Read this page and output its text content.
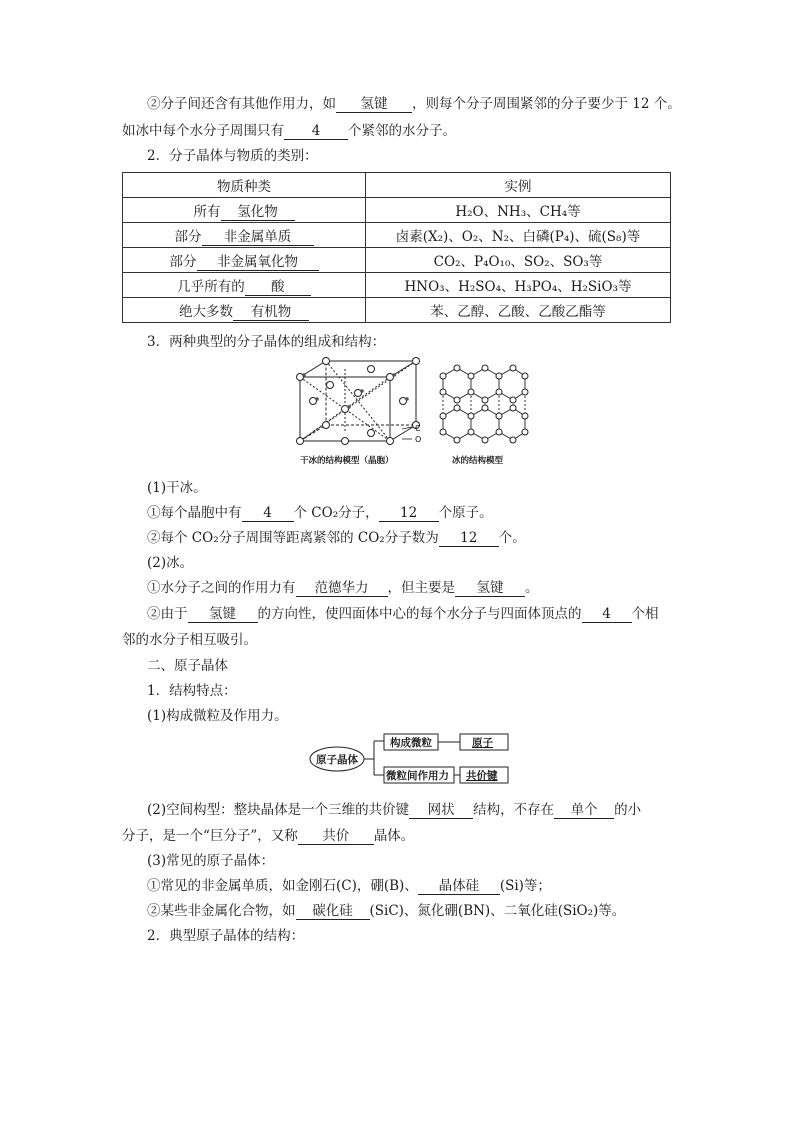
②分子间还含有其他作用力，如 氢键 ，则每个分子周围紧邻的分子要少于 12 个。
如冰中每个水分子周围只有 4 个紧邻的水分子。
2．分子晶体与物质的类别：
物质种类	实例
所有 氢化物	H₂O、NH₃、CH₄等
部分 非金属单质	卤素(X₂)、O₂、N₂、白磷(P₄)、硫(S₈)等
部分 非金属氧化物	CO₂、P₄O₁₀、SO₂、SO₃等
几乎所有的 酸	HNO₃、H₂SO₄、H₃PO₄、H₂SiO₃等
绝大多数 有机物	苯、乙醇、乙酸、乙酸乙酯等
3．两种典型的分子晶体的组成和结构：
C
O
干冰的结构模型（晶胞）	冰的结构模型
(1)干冰。
①每个晶胞中有 4 个 CO₂分子， 12 个原子。
②每个 CO₂分子周围等距离紧邻的 CO₂分子数为 12 个。
(2)冰。
①水分子之间的作用力有 范德华力 ，但主要是 氢键 。
②由于 氢键 的方向性，使四面体中心的每个水分子与四面体顶点的 4 个相
邻的水分子相互吸引。
二、原子晶体
1．结构特点：
(1)构成微粒及作用力。
原子晶体
构成微粒
微粒间作用力
原子
共价键
(2)空间构型：整块晶体是一个三维的共价键 网状 结构，不存在 单个 的小
分子，是一个“巨分子”，又称 共价 晶体。
(3)常见的原子晶体：
①常见的非金属单质，如金刚石(C)，硼(B)、 晶体硅 (Si)等；
②某些非金属化合物，如 碳化硅 (SiC)、氮化硼(BN)、二氧化硅(SiO₂)等。
2．典型原子晶体的结构：
